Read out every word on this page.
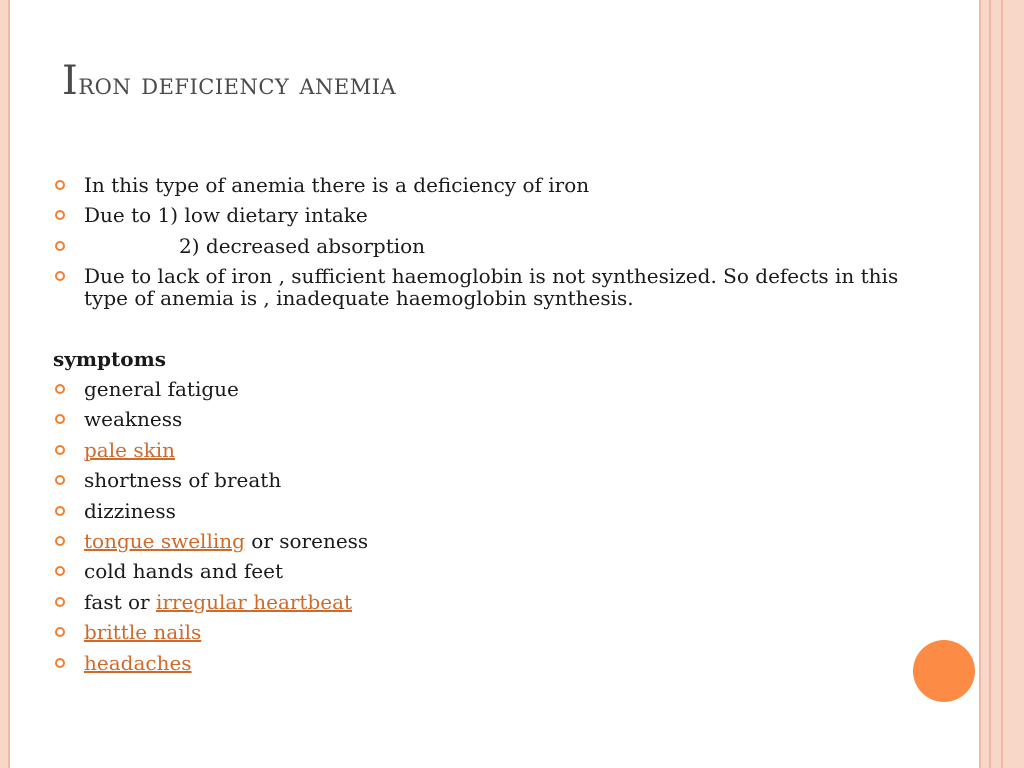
Iron deficiency anemia
In this type of anemia there is a deficiency of iron
Due to 1) low dietary intake
2) decreased absorption
Due to lack of iron , sufficient haemoglobin is not synthesized. So defects in this type of anemia is , inadequate haemoglobin synthesis.

symptoms

general fatigue
weakness
pale skin
shortness of breath
dizziness
tongue swelling or soreness
cold hands and feet
fast or irregular heartbeat
brittle nails
headaches
